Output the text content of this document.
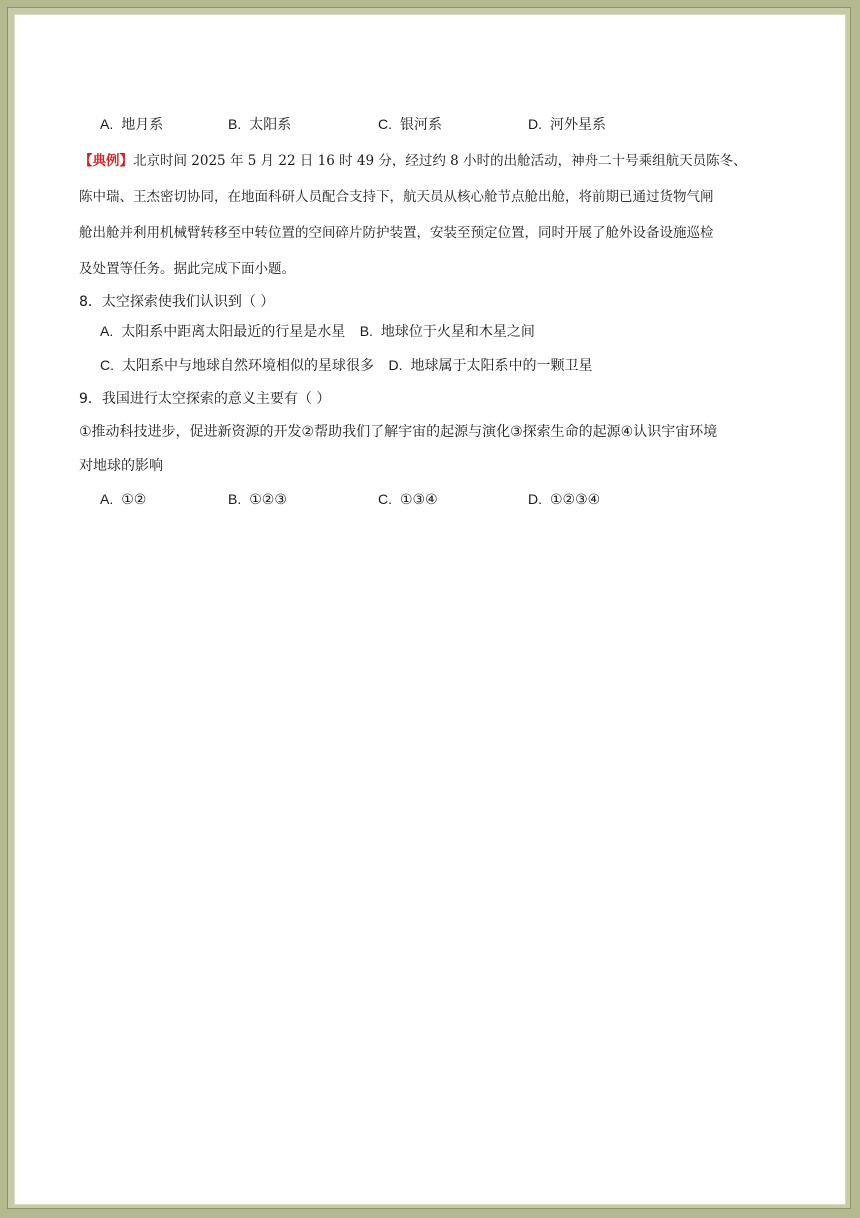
A. 地月系	B. 太阳系	C. 银河系	D. 河外星系
【典例】北京时间 2025 年 5 月 22 日 16 时 49 分，经过约 8 小时的出舱活动，神舟二十号乘组航天员陈冬、
陈中瑞、王杰密切协同，在地面科研人员配合支持下，航天员从核心舱节点舱出舱，将前期已通过货物气闸
舱出舱并利用机械臂转移至中转位置的空间碎片防护装置，安装至预定位置，同时开展了舱外设备设施巡检
及处置等任务。据此完成下面小题。
8．太空探索使我们认识到（ ）
A. 太阳系中距离太阳最近的行星是水星 B. 地球位于火星和木星之间
C. 太阳系中与地球自然环境相似的星球很多 D. 地球属于太阳系中的一颗卫星
9．我国进行太空探索的意义主要有（ ）
①推动科技进步，促进新资源的开发②帮助我们了解宇宙的起源与演化③探索生命的起源④认识宇宙环境
对地球的影响
A. ①②	B. ①②③	C. ①③④	D. ①②③④
